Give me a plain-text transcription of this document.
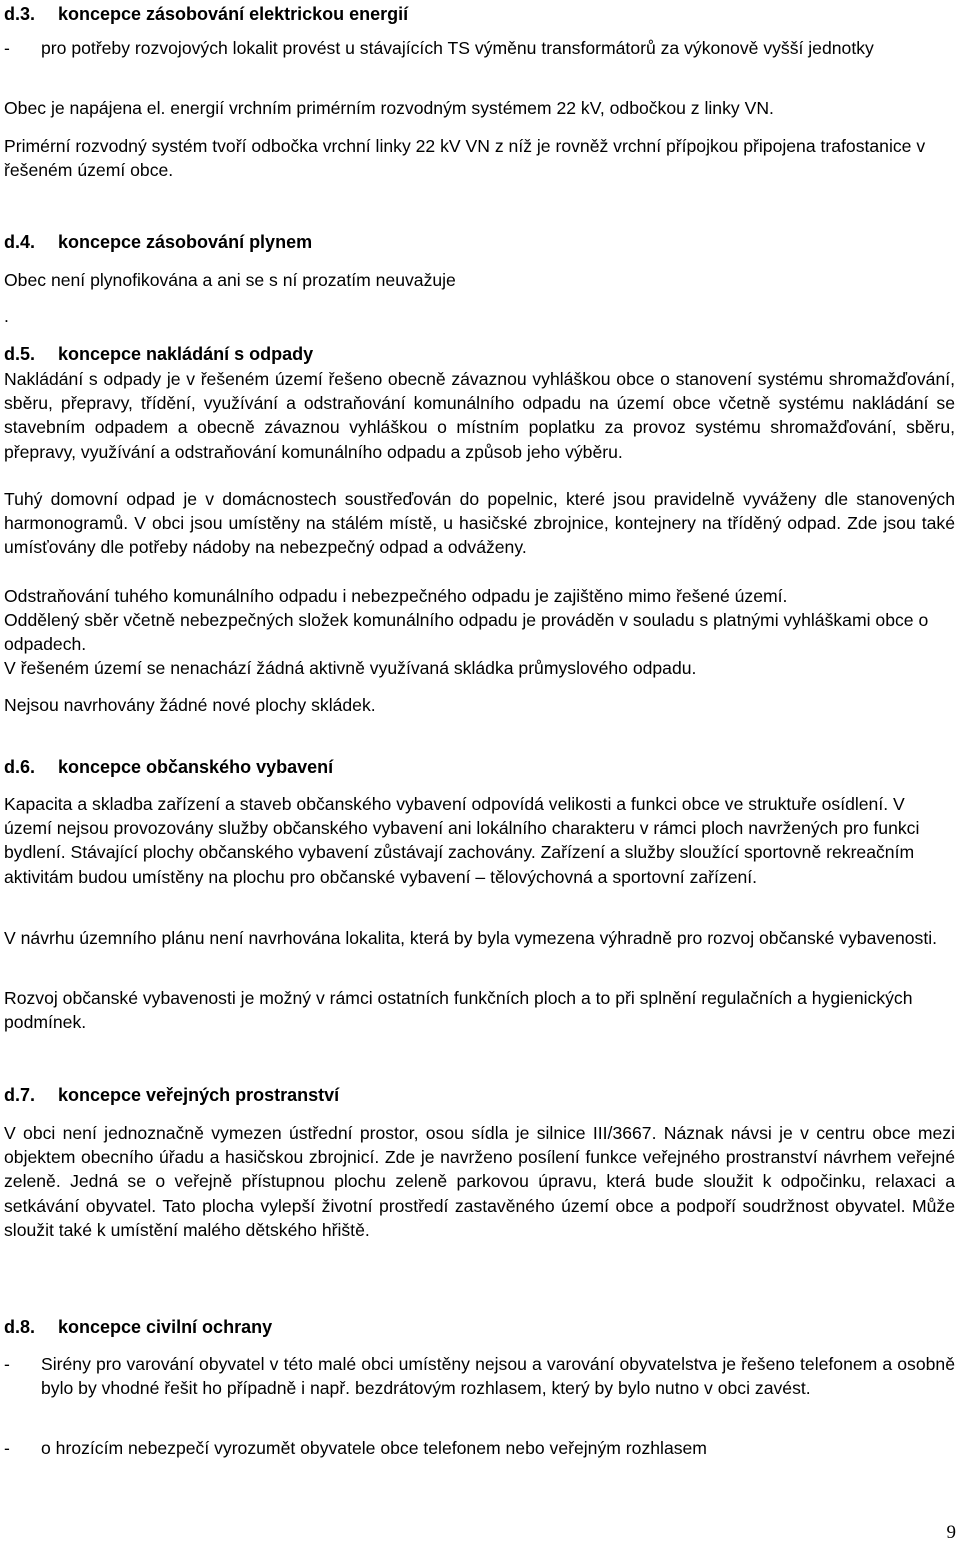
d.3. koncepce zásobování elektrickou energií
- pro potřeby rozvojových lokalit provést u stávajících TS výměnu transformátorů za výkonově vyšší jednotky
Obec je napájena el. energií vrchním primérním rozvodným systémem 22 kV, odbočkou z linky VN.
Primérní rozvodný systém tvoří odbočka vrchní linky 22 kV VN z níž je rovněž vrchní přípojkou připojena trafostanice v řešeném území obce.
d.4. koncepce zásobování plynem
Obec není plynofikována a ani se s ní prozatím neuvažuje
.
d.5. koncepce nakládání s odpady
Nakládání s odpady je v řešeném území řešeno obecně závaznou vyhláškou obce o stanovení systému shromažďování, sběru, přepravy, třídění, využívání a odstraňování komunálního odpadu na území obce včetně systému nakládání se stavebním odpadem a obecně závaznou vyhláškou o místním poplatku za provoz systému shromažďování, sběru, přepravy, využívání a odstraňování komunálního odpadu a způsob jeho výběru.
Tuhý domovní odpad je v domácnostech soustřeďován do popelnic, které jsou pravidelně vyváženy dle stanovených harmonogramů. V obci jsou umístěny na stálém místě, u hasičské zbrojnice, kontejnery na tříděný odpad. Zde jsou také umísťovány dle potřeby nádoby na nebezpečný odpad a odváženy.
Odstraňování tuhého komunálního odpadu i nebezpečného odpadu je zajištěno mimo řešené území.
Oddělený sběr včetně nebezpečných složek komunálního odpadu je prováděn v souladu s platnými vyhláškami obce o odpadech.
V řešeném území se nenachází žádná aktivně využívaná skládka průmyslového odpadu.
Nejsou navrhovány žádné nové plochy skládek.
d.6. koncepce občanského vybavení
Kapacita a skladba zařízení a staveb občanského vybavení odpovídá velikosti a funkci obce ve struktuře osídlení. V území nejsou provozovány služby občanského vybavení ani lokálního charakteru v rámci ploch navržených pro funkci bydlení. Stávající plochy občanského vybavení zůstávají zachovány. Zařízení a služby sloužící sportovně rekreačním aktivitám budou umístěny na plochu pro občanské vybavení – tělovýchovná a sportovní zařízení.
V návrhu územního plánu není navrhována lokalita, která by byla vymezena výhradně pro rozvoj občanské vybavenosti.
Rozvoj občanské vybavenosti je možný v rámci ostatních funkčních ploch a to při splnění regulačních a hygienických podmínek.
d.7. koncepce veřejných prostranství
V obci není jednoznačně vymezen ústřední prostor, osou sídla je silnice III/3667. Náznak návsi je v centru obce mezi objektem obecního úřadu a hasičskou zbrojnicí. Zde je navrženo posílení funkce veřejného prostranství návrhem veřejné zeleně. Jedná se o veřejně přístupnou plochu zeleně parkovou úpravu, která bude sloužit k odpočinku, relaxaci a setkávání obyvatel. Tato plocha vylepší životní prostředí zastavěného území obce a podpoří soudržnost obyvatel. Může sloužit také k umístění malého dětského hřiště.
d.8. koncepce civilní ochrany
- Sirény pro varování obyvatel v této malé obci umístěny nejsou a varování obyvatelstva je řešeno telefonem a osobně bylo by vhodné řešit ho případně i např. bezdrátovým rozhlasem, který by bylo nutno v obci zavést.
- o hrozícím nebezpečí vyrozumět obyvatele obce telefonem nebo veřejným rozhlasem
9
